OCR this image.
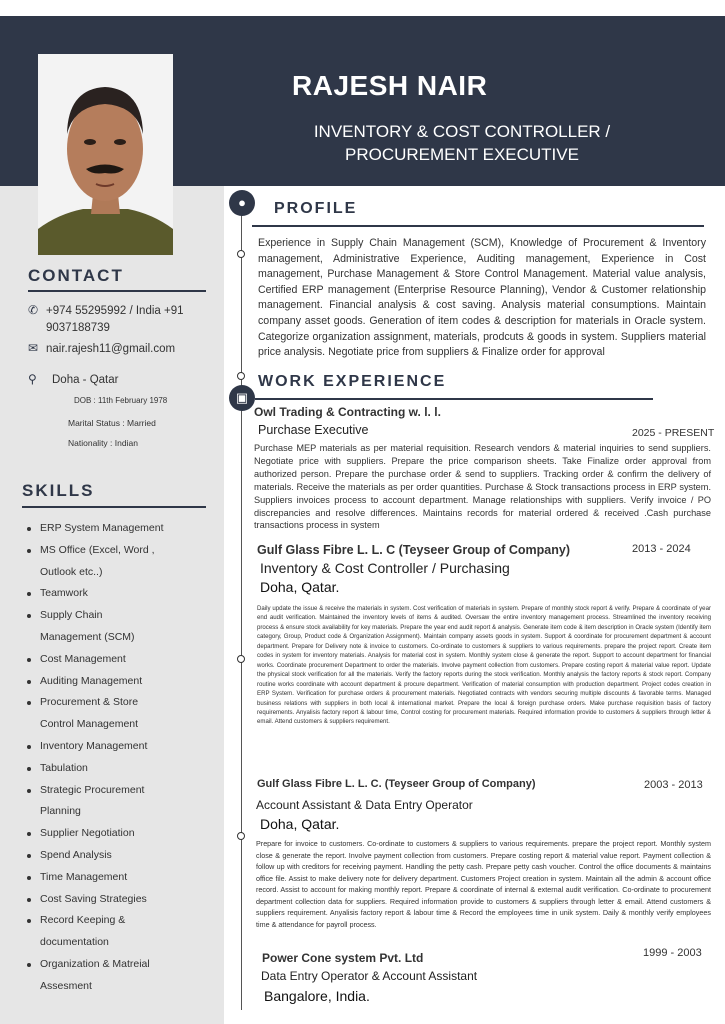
RAJESH NAIR
INVENTORY & COST CONTROLLER /
PROCUREMENT EXECUTIVE
CONTACT
✆ +974 55295992 / India +91
9037188739
✉ nair.rajesh11@gmail.com
⚲	Doha - Qatar
DOB : 11th February 1978
Marital Status : Married
Nationality : Indian
SKILLS
ERP System Management
MS Office (Excel, Word ,
Outlook etc..)
Teamwork
Supply Chain
Management (SCM)
Cost Management
Auditing Management
Procurement & Store
Control Management
Inventory Management
Tabulation
Strategic Procurement
Planning
Supplier Negotiation
Spend Analysis
Time Management
Cost Saving Strategies
Record Keeping &
documentation
Organization & Matreial
Assesment
●
▣
PROFILE
Experience in Supply Chain Management (SCM), Knowledge of Procurement & Inventory management, Administrative Experience, Auditing management, Experience in Cost management, Purchase Management & Store Control Management. Material value analysis, Certified ERP management (Enterprise Resource Planning), Vendor & Customer relationship management. Financial analysis & cost saving. Analysis material consumptions. Maintain company asset goods. Generation of item codes & description for materials in Oracle system. Categorize organization assignment, materials, prodcuts & goods in system. Suppliers material price analysis. Negotiate price from suppliers & Finalize order for approval
WORK EXPERIENCE
Owl Trading & Contracting w. l. l.
Purchase Executive	2025 - PRESENT
Purchase MEP materials as per material requisition. Research vendors & material inquiries to send suppliers. Negotiate price with suppliers. Prepare the price comparison sheets. Take Finalize order approval from authorized person. Prepare the purchase order & send to suppliers. Tracking order & confirm the delivery of materials. Receive the materials as per order quantities. Purchase & Stock transactions process in ERP system. Suppliers invoices process to account department. Manage relationships with suppliers. Verify invoice / PO discrepancies and resolve differences. Maintains records for material ordered & received .Cash purchase transactions process in system
Gulf Glass Fibre L. L. C (Teyseer Group of Company)	2013 - 2024
Inventory & Cost Controller / Purchasing
Doha, Qatar.
Daily update the issue & receive the materials in system. Cost verification of materials in system. Prepare of monthly stock report & verify. Prepare & coordinate of year end audit verification. Maintained the inventory levels of items & audited. Oversaw the entire inventory management process. Streamlined the inventory receiving process & ensure stock availability for key materials. Prepare the year end audit report & analysis. Generate item code & item description in Oracle system (Identify item category, Group, Product code & Organization Assignment). Maintain company assets goods in system. Support & coordinate for procurement department & account department. Prepare for Delivery note & invoice to customers. Co-ordinate to customers & suppliers to various requirements. prepare the project report. Create item codes in system for inventory materials. Analysis for material cost in system. Monthly system close & generate the report. Support to account department for financial works. Coordinate procurement Department to order the materials. Involve payment collection from customers. Prepare costing report & material value report. Update the physical stock verification for all the materials. Verify the factory reports during the stock verification. Monthly analysis the factory reports & stock report. Company routine works coordinate with account department & procure department. Verification of material consumption with production department. Project codes creation in ERP System. Verification for purchase orders & procurement materials. Negotiated contracts with vendors securing multiple discounts & favorable terms. Managed business relations with suppliers in both local & international market. Prepare the local & foreign purchase orders. Make purchase requisition basis of factory requirements. Anyalisis factory report & labour time, Control costing for procurement materials. Required information provide to customers & suppliers through letter & email. Attend customers & suppliers requirement.
Gulf Glass Fibre L. L. C. (Teyseer Group of Company)	2003 - 2013
Account Assistant & Data Entry Operator
Doha, Qatar.
Prepare for invoice to customers. Co-ordinate to customers & suppliers to various requirements. prepare the project report. Monthly system close & generate the report. Involve payment collection from customers. Prepare costing report & material value report. Payment collection & follow up with creditors for receiving payment. Handling the petty cash. Prepare petty cash voucher. Control the office documents & maintains office file. Assist to make delivery note for delivery department. Customers Project creation in system. Maintain all the admin & account office record. Assist to account for making monthly report. Prepare & coordinate of internal & external audit verification. Co-ordinate to procurement department collection data for suppliers. Required information provide to customers & suppliers through letter & email. Attend customers & suppliers requirement. Anyalisis factory report & labour time & Record the employees time in unik system. Daily & monthly verify employees time & attendance for payroll process.
Power Cone system Pvt. Ltd	1999 - 2003
Data Entry Operator & Account Assistant
Bangalore, India.
